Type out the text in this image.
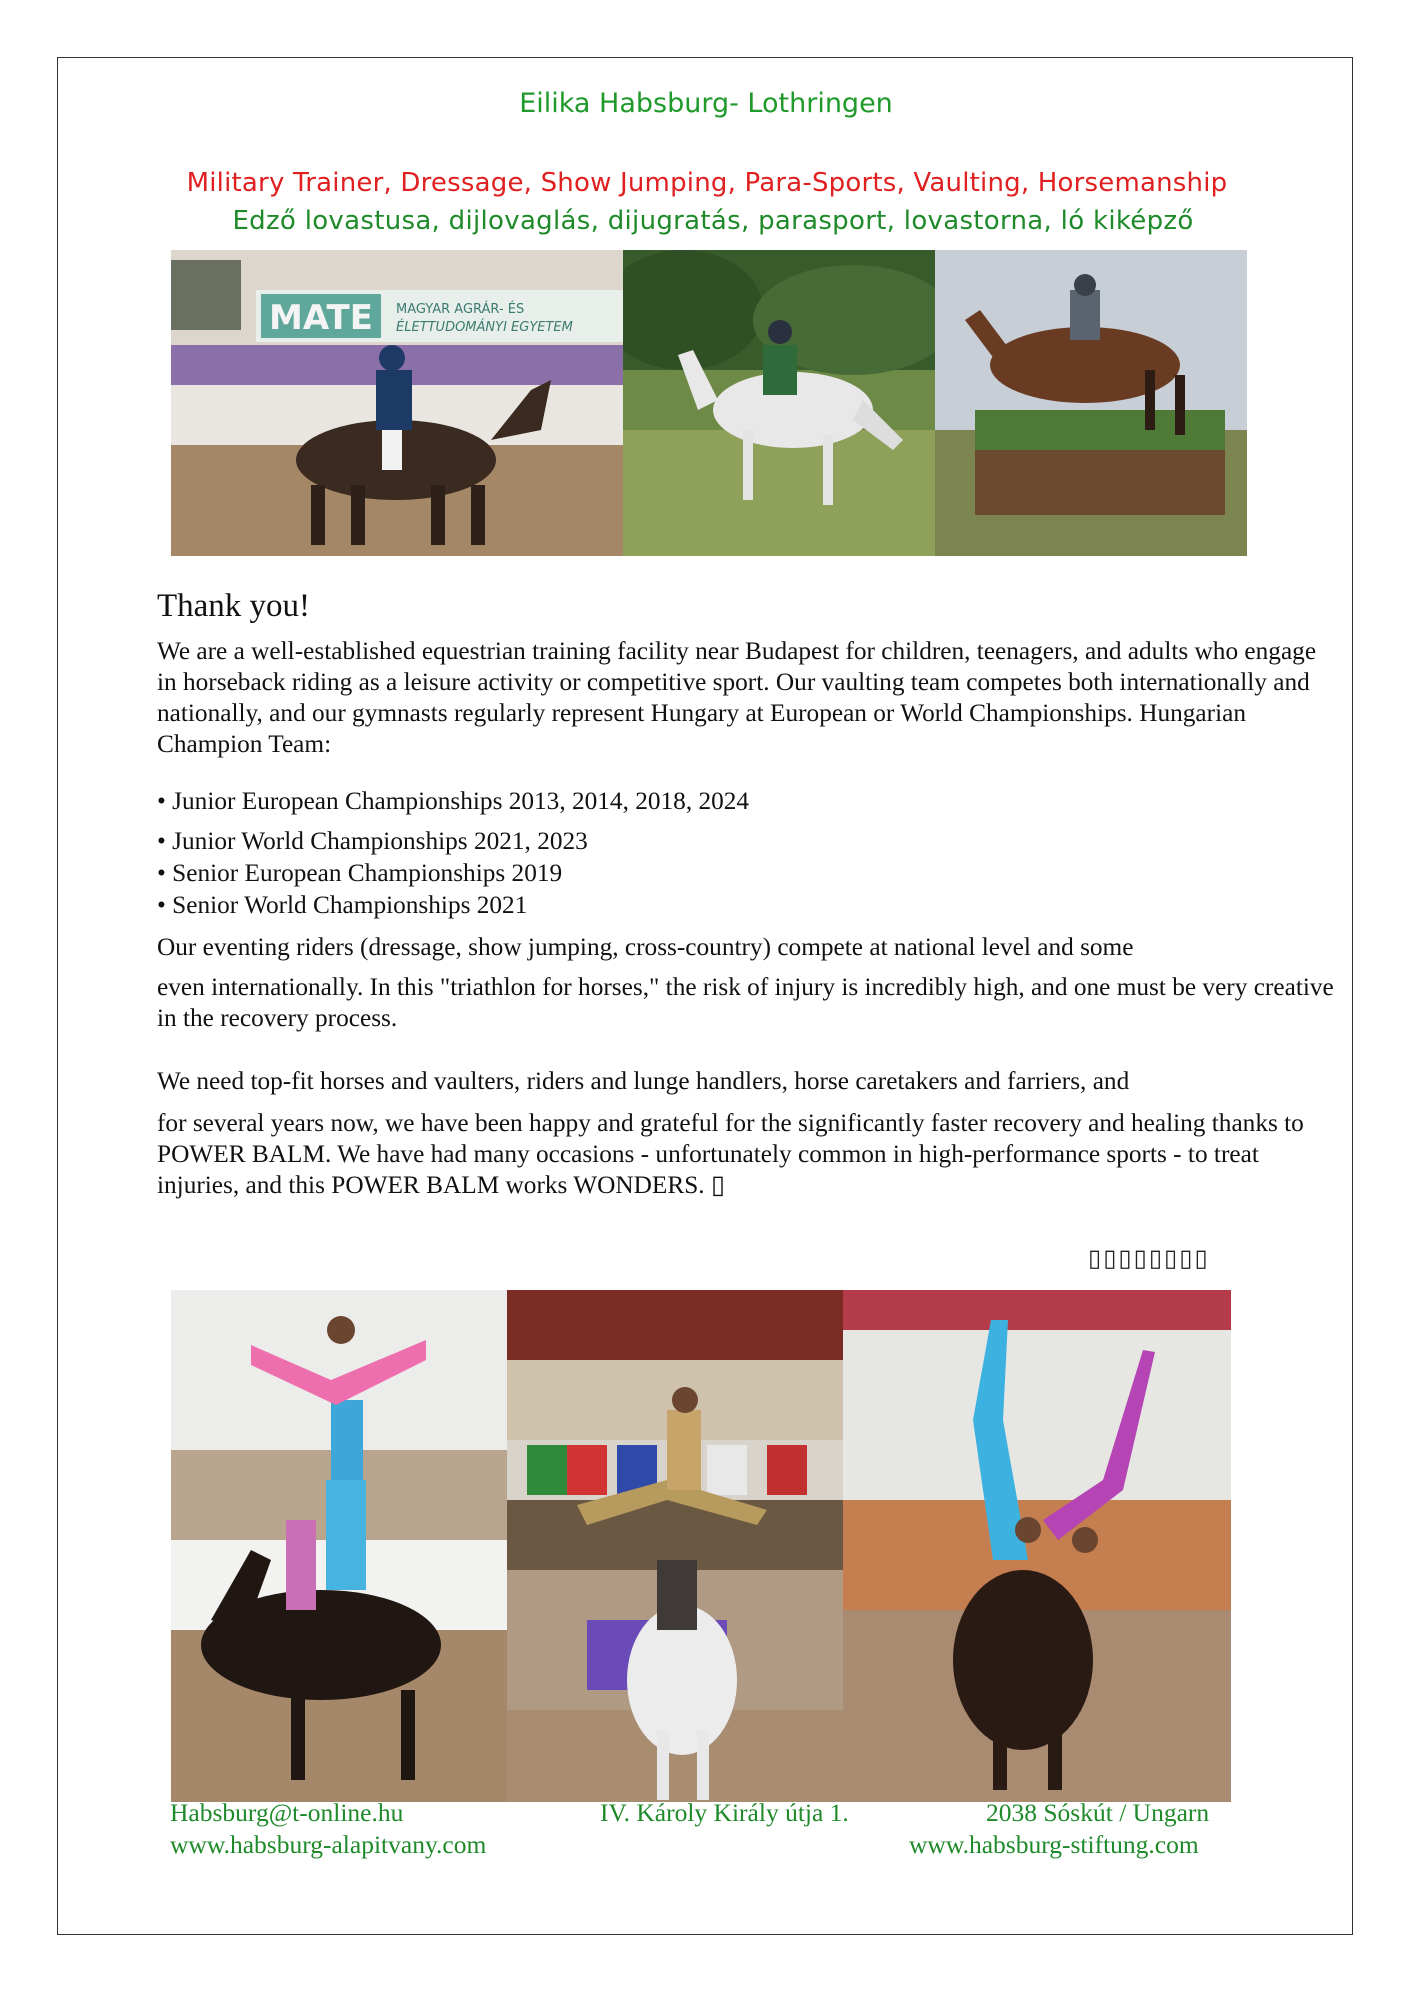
Eilika Habsburg- Lothringen
Military Trainer, Dressage, Show Jumping, Para-Sports, Vaulting, Horsemanship
Edző lovastusa, dijlovaglás, dijugratás, parasport, lovastorna, ló kiképző
MATE MAGYAR AGRÁR- ÉS
ÉLETTUDOMÁNYI EGYETEM
Thank you!
We are a well-established equestrian training facility near Budapest for children, teenagers, and adults who engage in horseback riding as a leisure activity or competitive sport. Our vaulting team competes both internationally and nationally, and our gymnasts regularly represent Hungary at European or World Championships. Hungarian Champion Team:
• Junior European Championships 2013, 2014, 2018, 2024
• Junior World Championships 2021, 2023
• Senior European Championships 2019
• Senior World Championships 2021
Our eventing riders (dressage, show jumping, cross-country) compete at national level and some
even internationally. In this "triathlon for horses," the risk of injury is incredibly high, and one must be very creative in the recovery process.
We need top-fit horses and vaulters, riders and lunge handlers, horse caretakers and farriers, and
for several years now, we have been happy and grateful for the significantly faster recovery and healing thanks to POWER BALM. We have had many occasions - unfortunately common in high-performance sports - to treat injuries, and this POWER BALM works WONDERS. ▯
▯▯▯▯▯▯▯▯
Habsburg@t-online.hu	IV. Károly Király útja 1.	2038 Sóskút / Ungarn
www.habsburg-alapitvany.com	www.habsburg-stiftung.com
